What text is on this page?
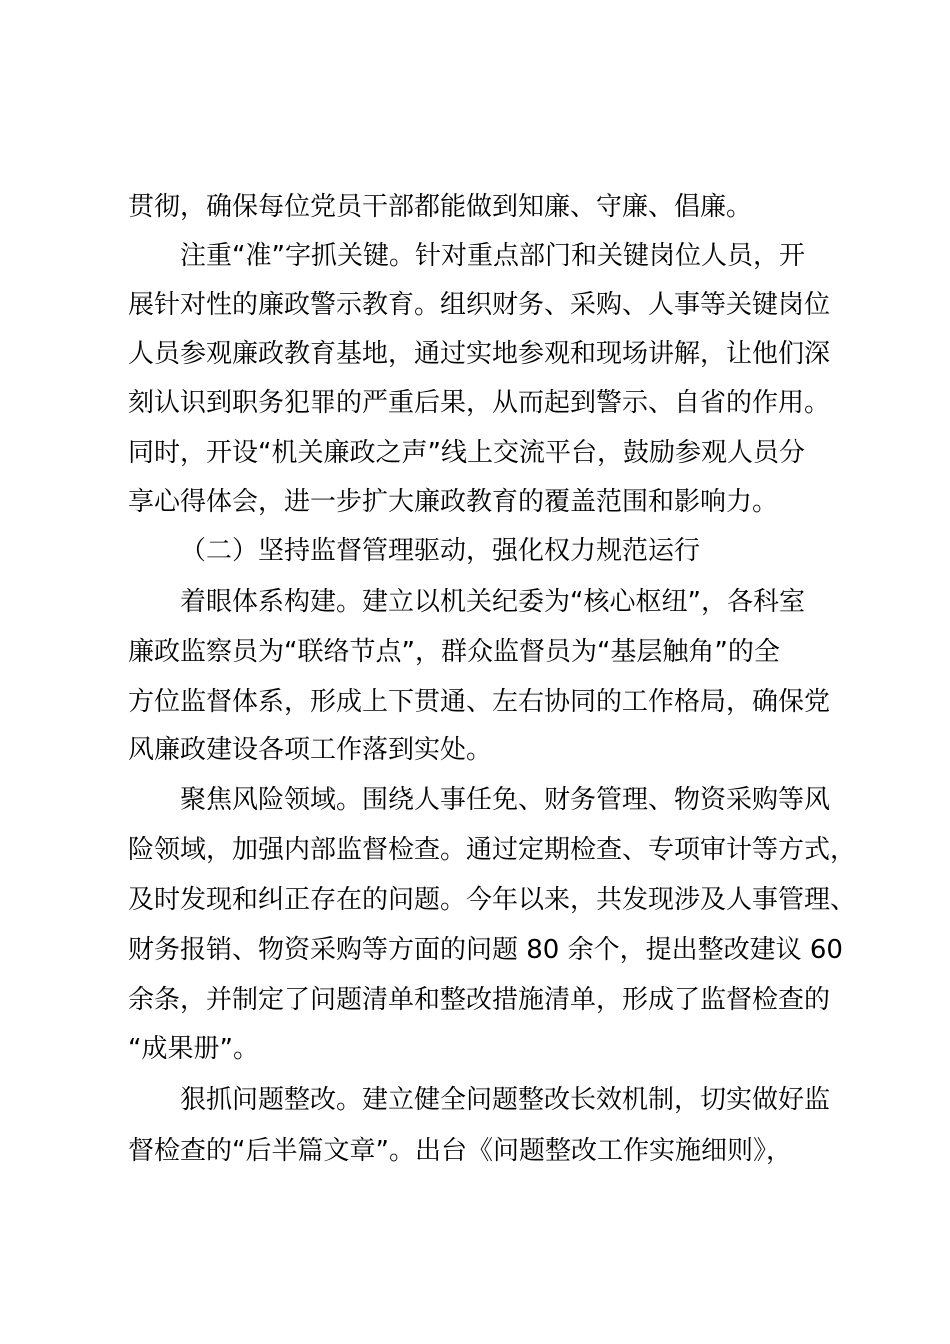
贯彻，确保每位党员干部都能做到知廉、守廉、倡廉。
注重“准”字抓关键。针对重点部门和关键岗位人员，开
展针对性的廉政警示教育。组织财务、采购、人事等关键岗位
人员参观廉政教育基地，通过实地参观和现场讲解，让他们深
刻认识到职务犯罪的严重后果，从而起到警示、自省的作用。
同时，开设“机关廉政之声”线上交流平台，鼓励参观人员分
享心得体会，进一步扩大廉政教育的覆盖范围和影响力。
（二）坚持监督管理驱动，强化权力规范运行
着眼体系构建。建立以机关纪委为“核心枢纽”，各科室
廉政监察员为“联络节点”，群众监督员为“基层触角”的全
方位监督体系，形成上下贯通、左右协同的工作格局，确保党
风廉政建设各项工作落到实处。
聚焦风险领域。围绕人事任免、财务管理、物资采购等风
险领域，加强内部监督检查。通过定期检查、专项审计等方式，
及时发现和纠正存在的问题。今年以来，共发现涉及人事管理、
财务报销、物资采购等方面的问题 80 余个，提出整改建议 60
余条，并制定了问题清单和整改措施清单，形成了监督检查的
“成果册”。
狠抓问题整改。建立健全问题整改长效机制，切实做好监
督检查的“后半篇文章”。出台《问题整改工作实施细则》，
